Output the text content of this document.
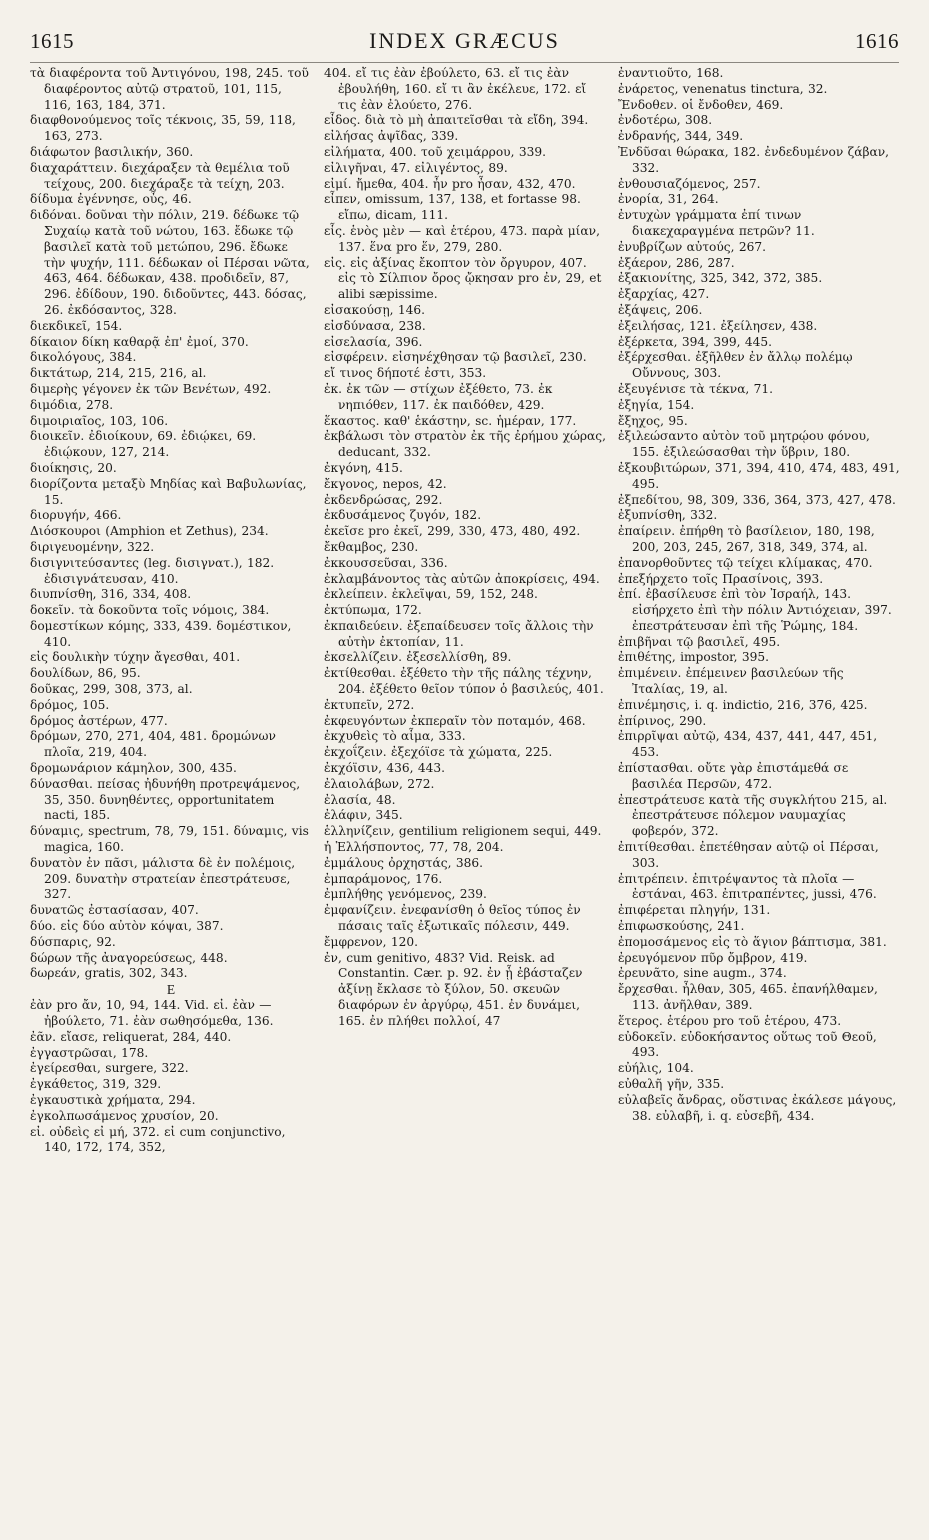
1615	INDEX GRÆCUS	1616

τὰ διαφέροντα τοῦ Ἀντιγόνου, 198, 245. τοῦ διαφέροντος αὐτῷ στρατοῦ, 101, 115, 116, 163, 184, 371.

διαφθονούμενος τοῖς τέκνοις, 35, 59, 118, 163, 273.

διάφωτον βασιλικήν, 360.

διαχαράττειν. διεχάραξεν τὰ θεμέλια τοῦ τείχους, 200. διεχάραξε τὰ τείχη, 203.

δίδυμα ἐγέννησε, οὖς, 46.

διδόναι. δοῦναι τὴν πόλιν, 219. δέδωκε τῷ Συχαίῳ κατὰ τοῦ νώτου, 163. ἔδωκε τῷ βασιλεῖ κατὰ τοῦ μετώπου, 296. ἔδωκε τὴν ψυχήν, 111. δέδωκαν οἱ Πέρσαι νῶτα, 463, 464. δέδωκαν, 438. προδιδεῖν, 87, 296. ἐδίδουν, 190. διδοῦντες, 443. δόσας, 26. ἐκδόσαντος, 328.

διεκδικεῖ, 154.

δίκαιον δίκη καθαρᾷ ἐπ' ἐμοί, 370.

δικολόγους, 384.

δικτάτωρ, 214, 215, 216, al.

διμερὴς γέγονεν ἐκ τῶν Βενέτων, 492.

διμόδια, 278.

διμοιριαῖος, 103, 106.

διοικεῖν. ἐδιοίκουν, 69. ἐδιῴκει, 69. ἐδιῴκουν, 127, 214.

διοίκησις, 20.

διορίζοντα μεταξὺ Μηδίας καὶ Βαβυλωνίας, 15.

διορυγήν, 466.

Διόσκουροι (Amphion et Zethus), 234.

διριγευομένην, 322.

δισιγνιτεύσαντες (leg. δισιγνατ.), 182. ἐδισιγνάτευσαν, 410.

διυπνίσθη, 316, 334, 408.

δοκεῖν. τὰ δοκοῦντα τοῖς νόμοις, 384.

δομεστίκων κόμης, 333, 439. δομέστικον, 410.

εἰς δουλικὴν τύχην ἄγεσθαι, 401.

δουλίδων, 86, 95.

δοῦκας, 299, 308, 373, al.

δρόμος, 105.

δρόμος ἀστέρων, 477.

δρόμων, 270, 271, 404, 481. δρομώνων πλοῖα, 219, 404.

δρομωνάριον κάμηλον, 300, 435.

δύνασθαι. πείσας ἠδυνήθη προτρεψάμενος, 35, 350. δυνηθέντες, opportunitatem nacti, 185.

δύναμις, spectrum, 78, 79, 151. δύναμις, vis magica, 160.

δυνατὸν ἐν πᾶσι, μάλιστα δὲ ἐν πολέμοις, 209. δυνατὴν στρατείαν ἐπεστράτευσε, 327.

δυνατῶς ἐστασίασαν, 407.

δύο. εἰς δύο αὐτὸν κόψαι, 387.

δύσπαρις, 92.

δώρων τῆς ἀναγορεύσεως, 448.

δωρεάν, gratis, 302, 343.

E

ἐὰν pro ἄν, 10, 94, 144. Vid. εἰ. ἐὰν — ἠβούλετο, 71. ἐὰν σωθησόμεθα, 136.

ἐᾶν. εἴασε, reliquerat, 284, 440.

ἐγγαστρῶσαι, 178.

ἐγείρεσθαι, surgere, 322.

ἐγκάθετος, 319, 329.

ἐγκαυστικὰ χρήματα, 294.

ἐγκολπωσάμενος χρυσίον, 20.

εἰ. οὐδεὶς εἰ μή, 372. εἰ cum conjunctivo, 140, 172, 174, 352,

404. εἴ τις ἐὰν ἐβούλετο, 63. εἴ τις ἐὰν ἐβουλήθη, 160. εἴ τι ἂν ἐκέλευε, 172. εἴ τις ἐὰν ἐλούετο, 276.

εἶδος. διὰ τὸ μὴ ἀπαιτεῖσθαι τὰ εἴδη, 394.

εἰλήσας ἀψῖδας, 339.

εἰλήματα, 400. τοῦ χειμάρρου, 339.

εἰλιγῆναι, 47. εἰλιγέντος, 89.

εἰμί. ἤμεθα, 404. ἦν pro ἦσαν, 432, 470.

εἶπεν, omissum, 137, 138, et fortasse 98. εἴπω, dicam, 111.

εἷς. ἑνὸς μὲν — καὶ ἑτέρου, 473. παρὰ μίαν, 137. ἕνα pro ἕν, 279, 280.

εἰς. εἰς ἀξίνας ἔκοπτον τὸν ὄργυρον, 407. εἰς τὸ Σίλπιον ὄρος ᾤκησαν pro ἐν, 29, et alibi sæpissime.

εἰσακούσῃ, 146.

εἰσδύνασα, 238.

εἰσελασία, 396.

εἰσφέρειν. εἰσηνέχθησαν τῷ βασιλεῖ, 230.

εἴ τινος δήποτέ ἐστι, 353.

ἐκ. ἐκ τῶν — στίχων ἐξέθετο, 73. ἐκ νηπιόθεν, 117. ἐκ παιδόθεν, 429.

ἕκαστος. καθ' ἑκάστην, sc. ἡμέραν, 177.

ἐκβάλωσι τὸν στρατὸν ἐκ τῆς ἐρήμου χώρας, deducant, 332.

ἐκγόνη, 415.

ἔκγονος, nepos, 42.

ἐκδενδρώσας, 292.

ἐκδυσάμενος ζυγόν, 182.

ἐκεῖσε pro ἐκεῖ, 299, 330, 473, 480, 492.

ἔκθαμβος, 230.

ἐκκουσσεῦσαι, 336.

ἐκλαμβάνοντος τὰς αὐτῶν ἀποκρίσεις, 494.

ἐκλείπειν. ἐκλεῖψαι, 59, 152, 248.

ἐκτύπωμα, 172.

ἐκπαιδεύειν. ἐξεπαίδευσεν τοῖς ἄλλοις τὴν αὐτὴν ἐκτοπίαν, 11.

ἐκσελλίζειν. ἐξεσελλίσθη, 89.

ἐκτίθεσθαι. ἐξέθετο τὴν τῆς πάλης τέχνην, 204. ἐξέθετο θεῖον τύπον ὁ βασιλεύς, 401.

ἐκτυπεῖν, 272.

ἐκφευγόντων ἐκπεραῖν τὸν ποταμόν, 468.

ἐκχυθεὶς τὸ αἷμα, 333.

ἐκχοΐζειν. ἐξεχόϊσε τὰ χώματα, 225.

ἐκχόϊσιν, 436, 443.

ἐλαιολάβων, 272.

ἐλασία, 48.

ἐλάφιν, 345.

ἑλληνίζειν, gentilium religionem sequi, 449.

ἡ Ἑλλήσποντος, 77, 78, 204.

ἐμμάλους ὀρχηστάς, 386.

ἐμπαράμονος, 176.

ἐμπλήθης γενόμενος, 239.

ἐμφανίζειν. ἐνεφανίσθη ὁ θεῖος τύπος ἐν πάσαις ταῖς ἐξωτικαῖς πόλεσιν, 449.

ἔμφρενον, 120.

ἐν, cum genitivo, 483? Vid. Reisk. ad Constantin. Cær. p. 92. ἐν ᾗ ἐβάσταζεν ἀξίνῃ ἔκλασε τὸ ξύλον, 50. σκευῶν διαφόρων ἐν ἀργύρῳ, 451. ἐν δυνάμει, 165. ἐν πλήθει πολλοί, 47

ἐναντιοῦτο, 168.

ἐνάρετος, venenatus tinctura, 32.

Ἔνδοθεν. οἱ ἔνδοθεν, 469.

ἐνδοτέρω, 308.

ἐνδρανής, 344, 349.

Ἐνδῦσαι θώρακα, 182. ἐνδεδυμένον ζάβαν, 332.

ἐνθουσιαζόμενος, 257.

ἐνορία, 31, 264.

ἐντυχὼν γράμματα ἐπί τινων διακεχαραγμένα πετρῶν? 11.

ἐνυβρίζων αὐτούς, 267.

ἐξάερον, 286, 287.

ἐξακιονίτης, 325, 342, 372, 385.

ἐξαρχίας, 427.

ἐξάψεις, 206.

ἐξειλήσας, 121. ἐξείλησεν, 438.

ἐξέρκετα, 394, 399, 445.

ἐξέρχεσθαι. ἐξῆλθεν ἐν ἄλλῳ πολέμῳ Οὔννους, 303.

ἐξευγένισε τὰ τέκνα, 71.

ἐξηγία, 154.

ἔξηχος, 95.

ἐξιλεώσαντο αὐτὸν τοῦ μητρῴου φόνου, 155. ἐξιλεώσασθαι τὴν ὕβριν, 180.

ἐξκουβιτώρων, 371, 394, 410, 474, 483, 491, 495.

ἐξπεδίτου, 98, 309, 336, 364, 373, 427, 478.

ἐξυπνίσθη, 332.

ἐπαίρειν. ἐπήρθη τὸ βασίλειον, 180, 198, 200, 203, 245, 267, 318, 349, 374, al.

ἐπανορθοῦντες τῷ τείχει κλίμακας, 470.

ἐπεξήρχετο τοῖς Πρασίνοις, 393.

ἐπί. ἐβασίλευσε ἐπὶ τὸν Ἰσραήλ, 143. εἰσήρχετο ἐπὶ τὴν πόλιν Ἀντιόχειαν, 397. ἐπεστράτευσαν ἐπὶ τῆς Ῥώμης, 184.

ἐπιβῆναι τῷ βασιλεῖ, 495.

ἐπιθέτης, impostor, 395.

ἐπιμένειν. ἐπέμεινεν βασιλεύων τῆς Ἰταλίας, 19, al.

ἐπινέμησις, i. q. indictio, 216, 376, 425.

ἐπίρινος, 290.

ἐπιρρῖψαι αὐτῷ, 434, 437, 441, 447, 451, 453.

ἐπίστασθαι. οὔτε γὰρ ἐπιστάμεθά σε βασιλέα Περσῶν, 472.

ἐπεστράτευσε κατὰ τῆς συγκλήτου 215, al. ἐπεστράτευσε πόλεμον ναυμαχίας φοβερόν, 372.

ἐπιτίθεσθαι. ἐπετέθησαν αὐτῷ οἱ Πέρσαι, 303.

ἐπιτρέπειν. ἐπιτρέψαντος τὰ πλοῖα — ἐστάναι, 463. ἐπιτραπέντες, jussi, 476.

ἐπιφέρεται πληγήν, 131.

ἐπιφωσκούσης, 241.

ἐπομοσάμενος εἰς τὸ ἅγιον βάπτισμα, 381.

ἐρευγόμενον πῦρ ὄμβρον, 419.

ἐρευνᾶτο, sine augm., 374.

ἔρχεσθαι. ἦλθαν, 305, 465. ἐπανήλθαμεν, 113. ἀνῆλθαν, 389.

ἕτερος. ἑτέρου pro τοῦ ἑτέρου, 473.

εὐδοκεῖν. εὐδοκήσαντος οὕτως τοῦ Θεοῦ, 493.

εὐήλις, 104.

εὐθαλῆ γῆν, 335.

εὐλαβεῖς ἄνδρας, οὕστινας ἐκάλεσε μάγους, 38. εὐλαβῆ, i. q. εὐσεβῆ, 434.
